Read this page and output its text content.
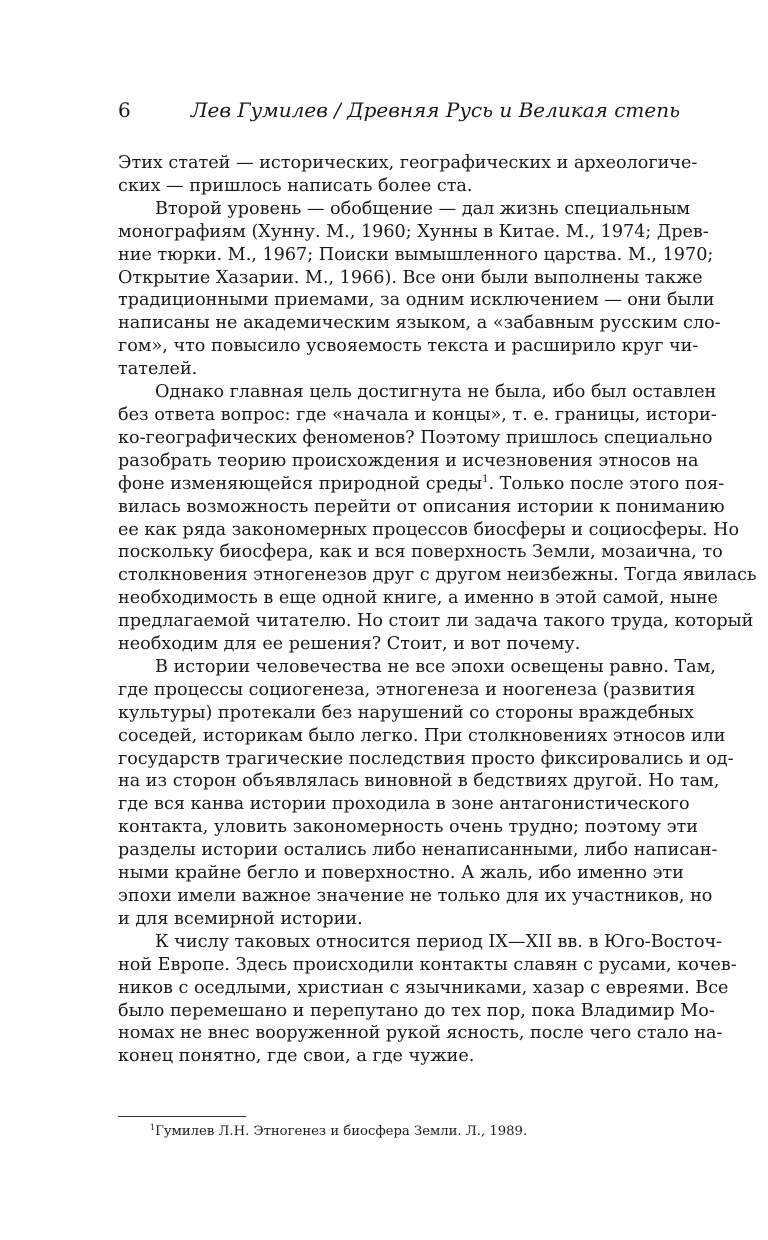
6	Лев Гумилев / Древняя Русь и Великая степь
Этих статей — исторических, географических и археологиче-
ских — пришлось написать более ста.
Второй уровень — обобщение — дал жизнь специальным
монографиям (Хунну. М., 1960; Хунны в Китае. М., 1974; Древ-
ние тюрки. М., 1967; Поиски вымышленного царства. М., 1970;
Открытие Хазарии. М., 1966). Все они были выполнены также
традиционными приемами, за одним исключением — они были
написаны не академическим языком, а «забавным русским сло-
гом», что повысило усвояемость текста и расширило круг чи-
тателей.
Однако главная цель достигнута не была, ибо был оставлен
без ответа вопрос: где «начала и концы», т. е. границы, истори-
ко-географических феноменов? Поэтому пришлось специально
разобрать теорию происхождения и исчезновения этносов на
фоне изменяющейся природной среды$^1$. Только после этого поя-
вилась возможность перейти от описания истории к пониманию
ее как ряда закономерных процессов биосферы и социосферы. Но
поскольку биосфера, как и вся поверхность Земли, мозаична, то
столкновения этногенезов друг с другом неизбежны. Тогда явилась
необходимость в еще одной книге, а именно в этой самой, ныне
предлагаемой читателю. Но стоит ли задача такого труда, который
необходим для ее решения? Стоит, и вот почему.
В истории человечества не все эпохи освещены равно. Там,
где процессы социогенеза, этногенеза и ноогенеза (развития
культуры) протекали без нарушений со стороны враждебных
соседей, историкам было легко. При столкновениях этносов или
государств трагические последствия просто фиксировались и од-
на из сторон объявлялась виновной в бедствиях другой. Но там,
где вся канва истории проходила в зоне антагонистического
контакта, уловить закономерность очень трудно; поэтому эти
разделы истории остались либо ненаписанными, либо написан-
ными крайне бегло и поверхностно. А жаль, ибо именно эти
эпохи имели важное значение не только для их участников, но
и для всемирной истории.
К числу таковых относится период IX—XII вв. в Юго-Восточ-
ной Европе. Здесь происходили контакты славян с русами, кочев-
ников с оседлыми, христиан с язычниками, хазар с евреями. Все
было перемешано и перепутано до тех пор, пока Владимир Мо-
номах не внес вооруженной рукой ясность, после чего стало на-
конец понятно, где свои, а где чужие.
$^1$Гумилев Л.Н. Этногенез и биосфера Земли. Л., 1989.
